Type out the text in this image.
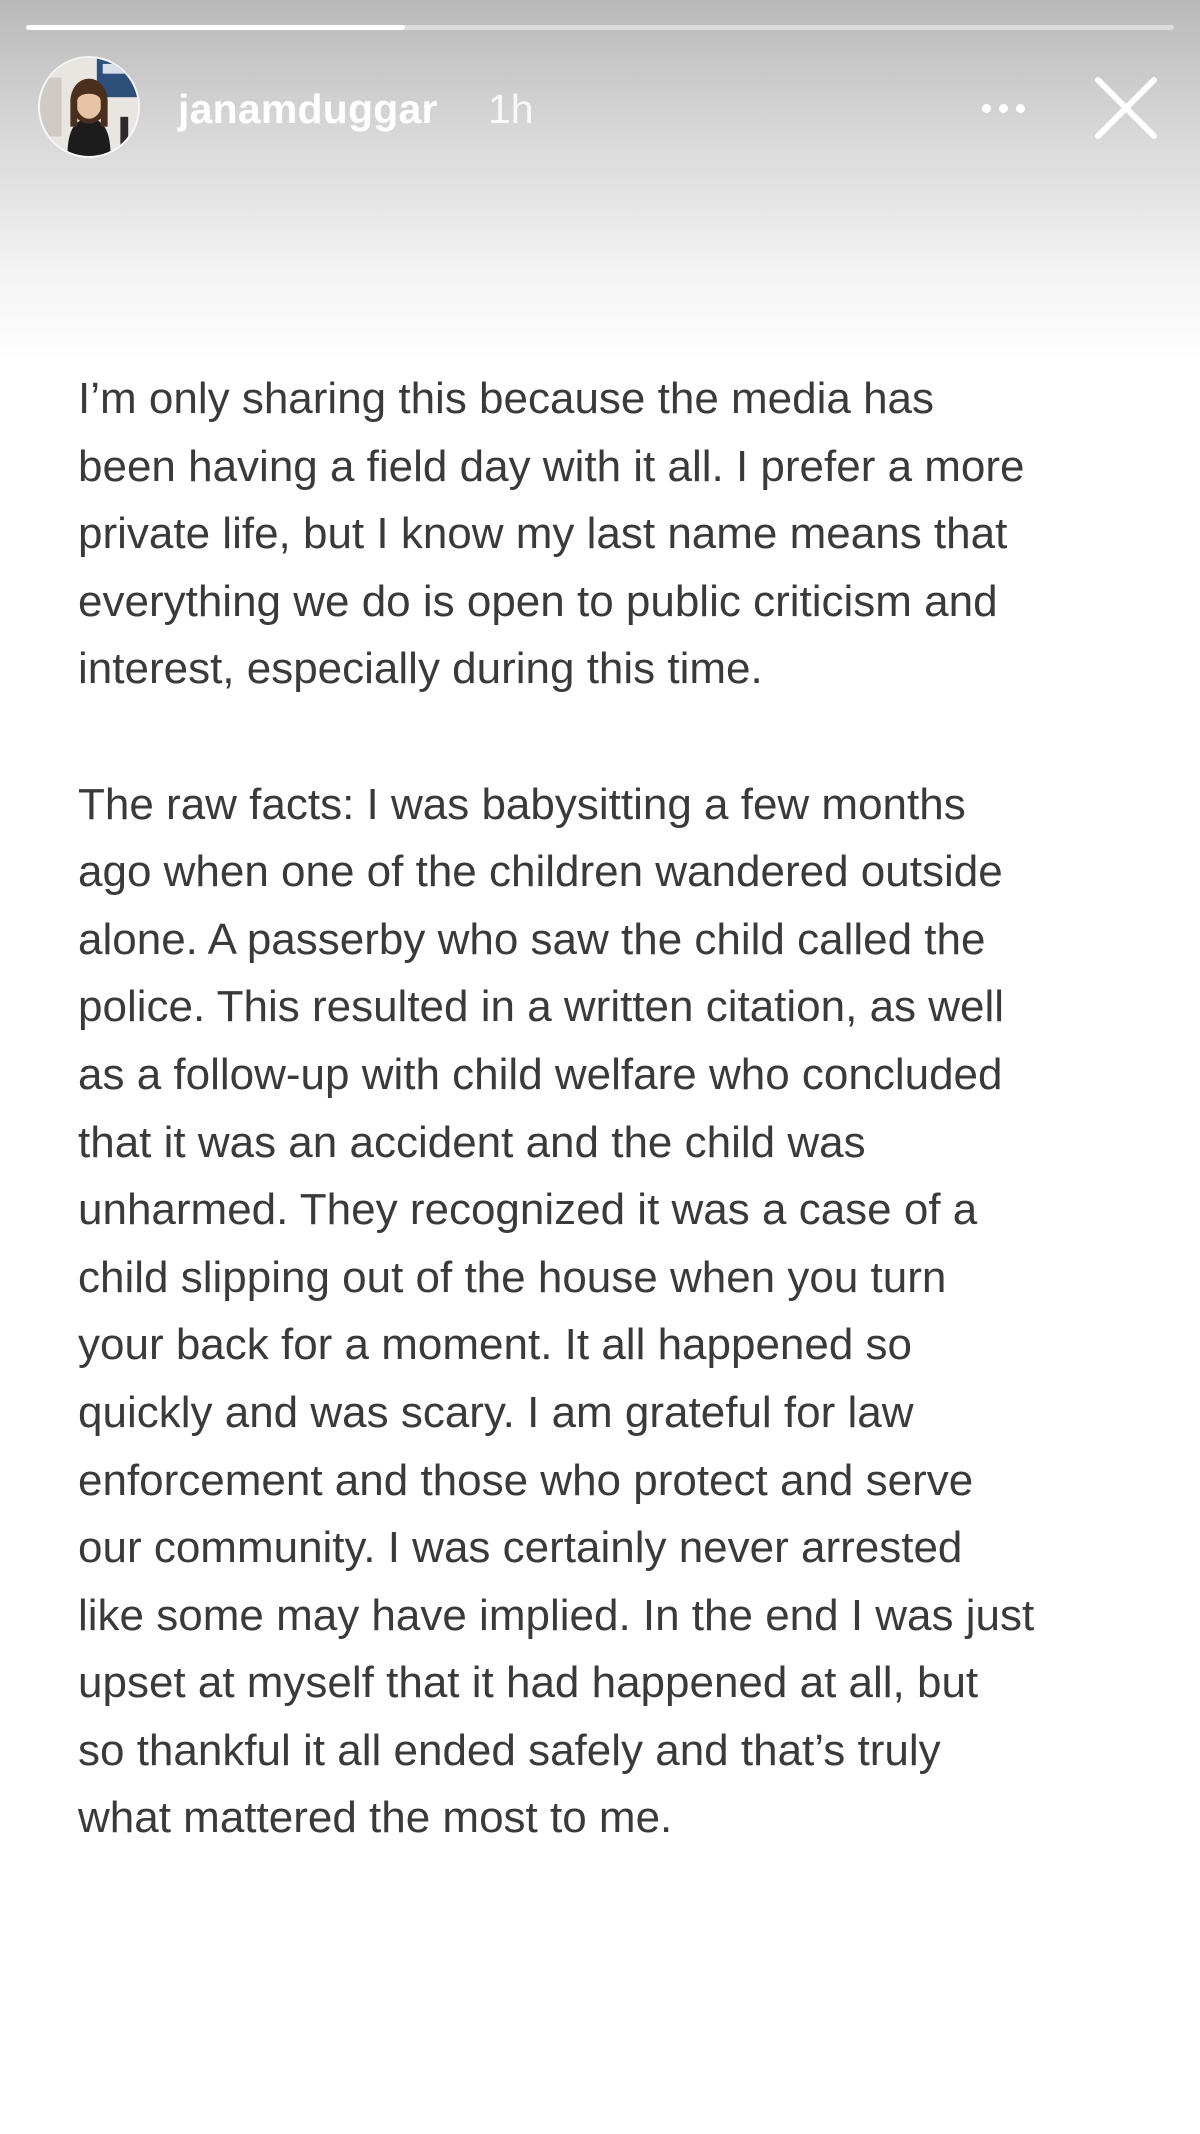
janamduggar 1h

I’m only sharing this because the media has
been having a field day with it all. I prefer a more
private life, but I know my last name means that
everything we do is open to public criticism and
interest, especially during this time.

The raw facts: I was babysitting a few months
ago when one of the children wandered outside
alone. A passerby who saw the child called the
police. This resulted in a written citation, as well
as a follow-up with child welfare who concluded
that it was an accident and the child was
unharmed. They recognized it was a case of a
child slipping out of the house when you turn
your back for a moment. It all happened so
quickly and was scary. I am grateful for law
enforcement and those who protect and serve
our community. I was certainly never arrested
like some may have implied. In the end I was just
upset at myself that it had happened at all, but
so thankful it all ended safely and that’s truly
what mattered the most to me.
